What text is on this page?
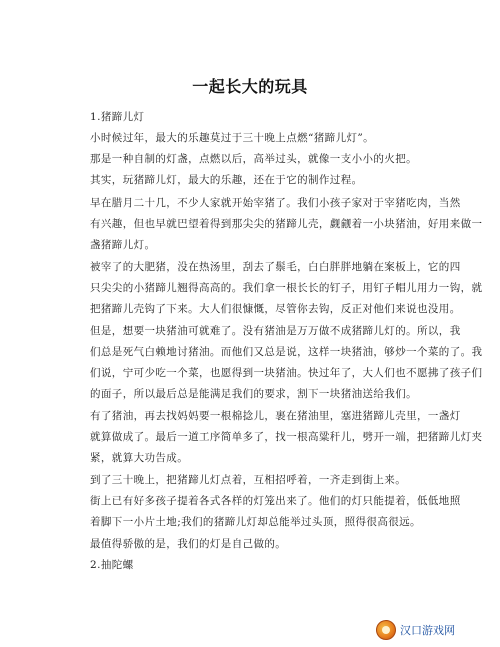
一起长大的玩具
1.猪蹄儿灯
小时候过年，最大的乐趣莫过于三十晚上点燃“猪蹄儿灯”。
那是一种自制的灯盏，点燃以后，高举过头，就像一支小小的火把。
其实，玩猪蹄儿灯，最大的乐趣，还在于它的制作过程。
早在腊月二十几，不少人家就开始宰猪了。我们小孩子家对于宰猪吃肉，当然
有兴趣，但也早就巴望着得到那尖尖的猪蹄儿壳，觑觎着一小块猪油，好用来做一
盏猪蹄儿灯。
被宰了的大肥猪，没在热汤里，刮去了鬃毛，白白胖胖地躺在案板上，它的四
只尖尖的小猪蹄儿翘得高高的。我们拿一根长长的钉子，用钉子帽儿用力一钩，就
把猪蹄儿壳钩了下来。大人们很慷慨，尽管你去钩，反正对他们来说也没用。
但是，想要一块猪油可就难了。没有猪油是万万做不成猪蹄儿灯的。所以，我
们总是死气白赖地讨猪油。而他们又总是说，这样一块猪油，够炒一个菜的了。我
们说，宁可少吃一个菜，也愿得到一块猪油。快过年了，大人们也不愿拂了孩子们
的面子，所以最后总是能满足我们的要求，割下一块猪油送给我们。
有了猪油，再去找妈妈要一根棉捻儿，裹在猪油里，塞进猪蹄儿壳里，一盏灯
就算做成了。最后一道工序简单多了，找一根高粱秆儿，劈开一端，把猪蹄儿灯夹
紧，就算大功告成。
到了三十晚上，把猪蹄儿灯点着，互相招呼着，一齐走到街上来。
街上已有好多孩子提着各式各样的灯笼出来了。他们的灯只能提着，低低地照
着脚下一小片土地;我们的猪蹄儿灯却总能举过头顶，照得很高很远。
最值得骄傲的是，我们的灯是自己做的。
2.抽陀螺
汉口游戏网
